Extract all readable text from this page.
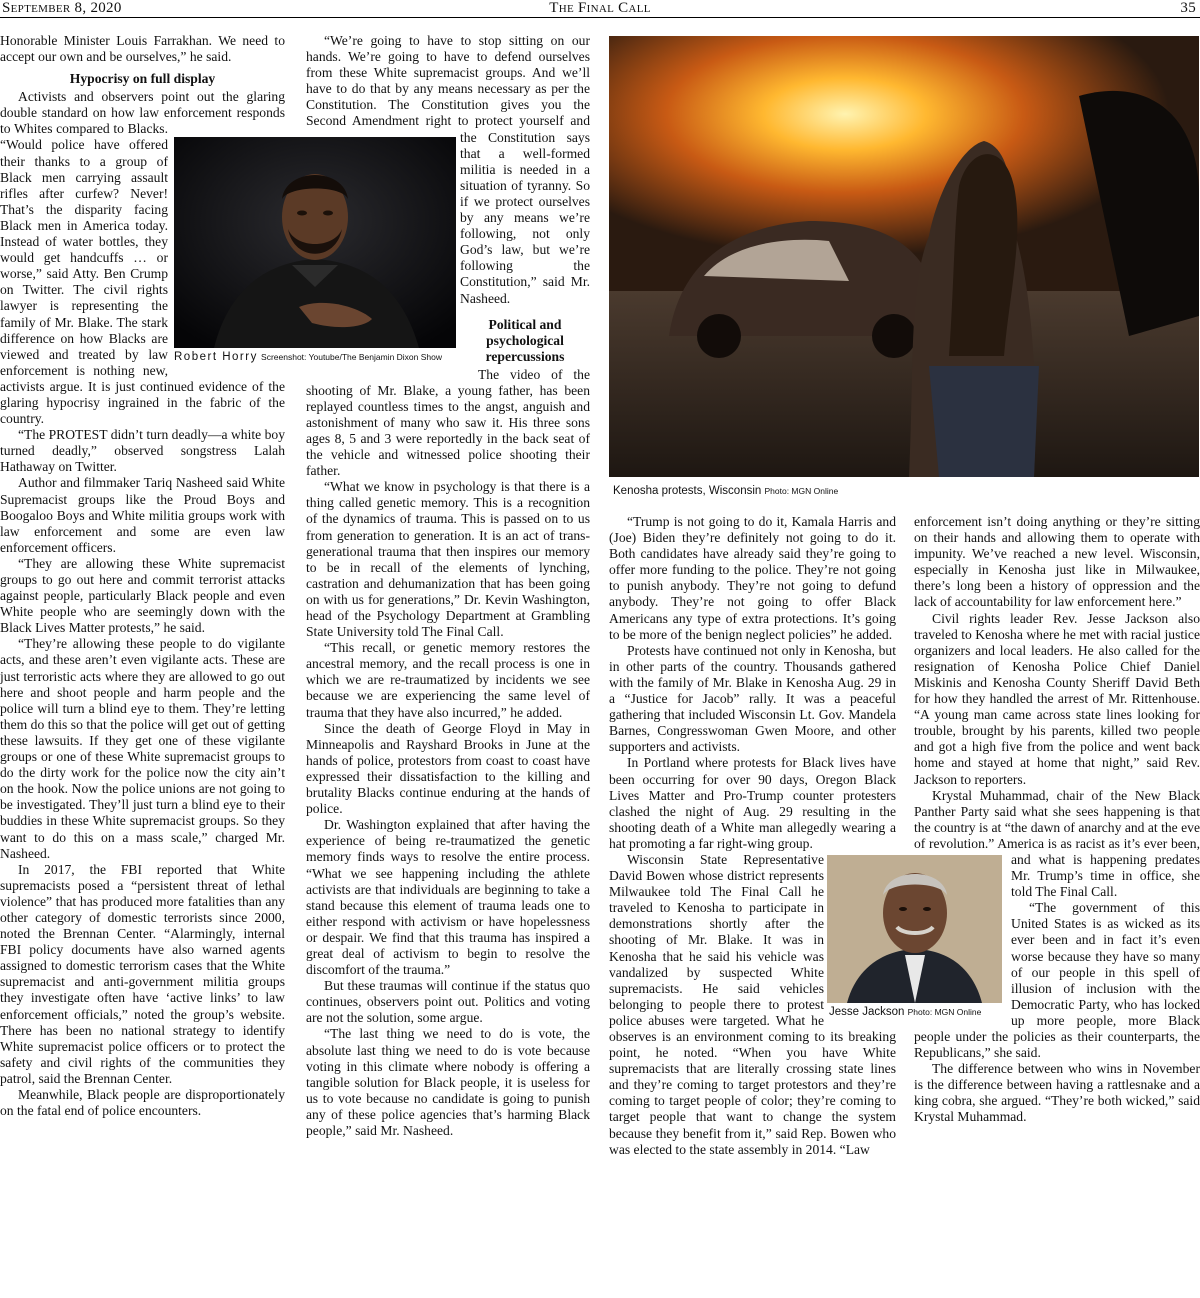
September 8, 2020	The Final Call	35

Honorable Minister Louis Farrakhan. We need to accept our own and be ourselves,” he said.

Hypocrisy on full display

Activists and observers point out the glaring double standard on how law enforcement responds to Whites compared to Blacks. “Would police have offered their thanks to a group of Black men carrying assault rifles after curfew? Never! That’s the disparity facing Black men in America today. Instead of water bottles, they would get handcuffs … or worse,” said Atty. Ben Crump on Twitter. The civil rights lawyer is representing the family of Mr. Blake. The stark difference on how Blacks are viewed and treated by law enforcement is nothing new, activists argue. It is just continued evidence of the glaring hypocrisy ingrained in the fabric of the country.

“The PROTEST didn’t turn deadly—a white boy turned deadly,” observed songstress Lalah Hathaway on Twitter.

Author and filmmaker Tariq Nasheed said White Supremacist groups like the Proud Boys and Boogaloo Boys and White militia groups work with law enforcement and some are even law enforcement officers.

“They are allowing these White supremacist groups to go out here and commit terrorist attacks against people, particularly Black people and even White people who are seemingly down with the Black Lives Matter protests,” he said.

“They’re allowing these people to do vigilante acts, and these aren’t even vigilante acts. These are just terroristic acts where they are allowed to go out here and shoot people and harm people and the police will turn a blind eye to them. They’re letting them do this so that the police will get out of getting these lawsuits. If they get one of these vigilante groups or one of these White supremacist groups to do the dirty work for the police now the city ain’t on the hook. Now the police unions are not going to be investigated. They’ll just turn a blind eye to their buddies in these White supremacist groups. So they want to do this on a mass scale,” charged Mr. Nasheed.

In 2017, the FBI reported that White supremacists posed a “persistent threat of lethal violence” that has produced more fatalities than any other category of domestic terrorists since 2000, noted the Brennan Center. “Alarmingly, internal FBI policy documents have also warned agents assigned to domestic terrorism cases that the White supremacist and anti-government militia groups they investigate often have ‘active links’ to law enforcement officials,” noted the group’s website. There has been no national strategy to identify White supremacist police officers or to protect the safety and civil rights of the communities they patrol, said the Brennan Center.

Meanwhile, Black people are disproportionately on the fatal end of police encounters.

“We’re going to have to stop sitting on our hands. We’re going to have to defend ourselves from these White supremacist groups. And we’ll have to do that by any means necessary as per the Constitution. The Constitution gives you the Second Amendment right to protect yourself and the Constitution says that a well-formed militia is needed in a situation of tyranny. So if we protect ourselves by any means we’re following, not only God’s law, but we’re following the Constitution,” said Mr. Nasheed.

Political and psychological repercussions

The video of the shooting of Mr. Blake, a young father, has been replayed countless times to the angst, anguish and astonishment of many who saw it. His three sons ages 8, 5 and 3 were reportedly in the back seat of the vehicle and witnessed police shooting their father.

“What we know in psychology is that there is a thing called genetic memory. This is a recognition of the dynamics of trauma. This is passed on to us from generation to generation. It is an act of trans-generational trauma that then inspires our memory to be in recall of the elements of lynching, castration and dehumanization that has been going on with us for generations,” Dr. Kevin Washington, head of the Psychology Department at Grambling State University told The Final Call.

“This recall, or genetic memory restores the ancestral memory, and the recall process is one in which we are re-traumatized by incidents we see because we are experiencing the same level of trauma that they have also incurred,” he added.

Since the death of George Floyd in May in Minneapolis and Rayshard Brooks in June at the hands of police, protestors from coast to coast have expressed their dissatisfaction to the killing and brutality Blacks continue enduring at the hands of police.

Dr. Washington explained that after having the experience of being re-traumatized the genetic memory finds ways to resolve the entire process. “What we see happening including the athlete activists are that individuals are beginning to take a stand because this element of trauma leads one to either respond with activism or have hopelessness or despair. We find that this trauma has inspired a great deal of activism to begin to resolve the discomfort of the trauma.”

But these traumas will continue if the status quo continues, observers point out. Politics and voting are not the solution, some argue.

“The last thing we need to do is vote, the absolute last thing we need to do is vote because voting in this climate where nobody is offering a tangible solution for Black people, it is useless for us to vote because no candidate is going to punish any of these police agencies that’s harming Black people,” said Mr. Nasheed.

Robert Horry Screenshot: Youtube/The Benjamin Dixon Show
Kenosha protests, Wisconsin Photo: MGN Online

“Trump is not going to do it, Kamala Harris and (Joe) Biden they’re definitely not going to do it. Both candidates have already said they’re going to offer more funding to the police. They’re not going to punish anybody. They’re not going to defund anybody. They’re not going to offer Black Americans any type of extra protections. It’s going to be more of the benign neglect policies” he added.

Protests have continued not only in Kenosha, but in other parts of the country. Thousands gathered with the family of Mr. Blake in Kenosha Aug. 29 in a “Justice for Jacob” rally. It was a peaceful gathering that included Wisconsin Lt. Gov. Mandela Barnes, Congresswoman Gwen Moore, and other supporters and activists.

In Portland where protests for Black lives have been occurring for over 90 days, Oregon Black Lives Matter and Pro-Trump counter protesters clashed the night of Aug. 29 resulting in the shooting death of a White man allegedly wearing a hat promoting a far right-wing group.

Wisconsin State Representative David Bowen whose district represents Milwaukee told The Final Call he traveled to Kenosha to participate in demonstrations shortly after the shooting of Mr. Blake. It was in Kenosha that he said his vehicle was vandalized by suspected White supremacists. He said vehicles belonging to people there to protest police abuses were targeted. What he observes is an environment coming to its breaking point, he noted. “When you have White supremacists that are literally crossing state lines and they’re coming to target protestors and they’re coming to target people of color; they’re coming to target people that want to change the system because they benefit from it,” said Rep. Bowen who was elected to the state assembly in 2014. “Law

enforcement isn’t doing anything or they’re sitting on their hands and allowing them to operate with impunity. We’ve reached a new level. Wisconsin, especially in Kenosha just like in Milwaukee, there’s long been a history of oppression and the lack of accountability for law enforcement here.”

Civil rights leader Rev. Jesse Jackson also traveled to Kenosha where he met with racial justice organizers and local leaders. He also called for the resignation of Kenosha Police Chief Daniel Miskinis and Kenosha County Sheriff David Beth for how they handled the arrest of Mr. Rittenhouse. “A young man came across state lines looking for trouble, brought by his parents, killed two people and got a high five from the police and went back home and stayed at home that night,” said Rev. Jackson to reporters.

Krystal Muhammad, chair of the New Black Panther Party said what she sees happening is that the country is at “the dawn of anarchy and at the eve of revolution.” America is as racist as it’s ever been, and what is happening predates Mr. Trump’s time in office, she told The Final Call.

“The government of this United States is as wicked as its ever been and in fact it’s even worse because they have so many of our people in this spell of illusion of inclusion with the Democratic Party, who has locked up more people, more Black people under the policies as their counterparts, the Republicans,” she said.

The difference between who wins in November is the difference between having a rattlesnake and a king cobra, she argued. “They’re both wicked,” said Krystal Muhammad.

Jesse Jackson Photo: MGN Online
